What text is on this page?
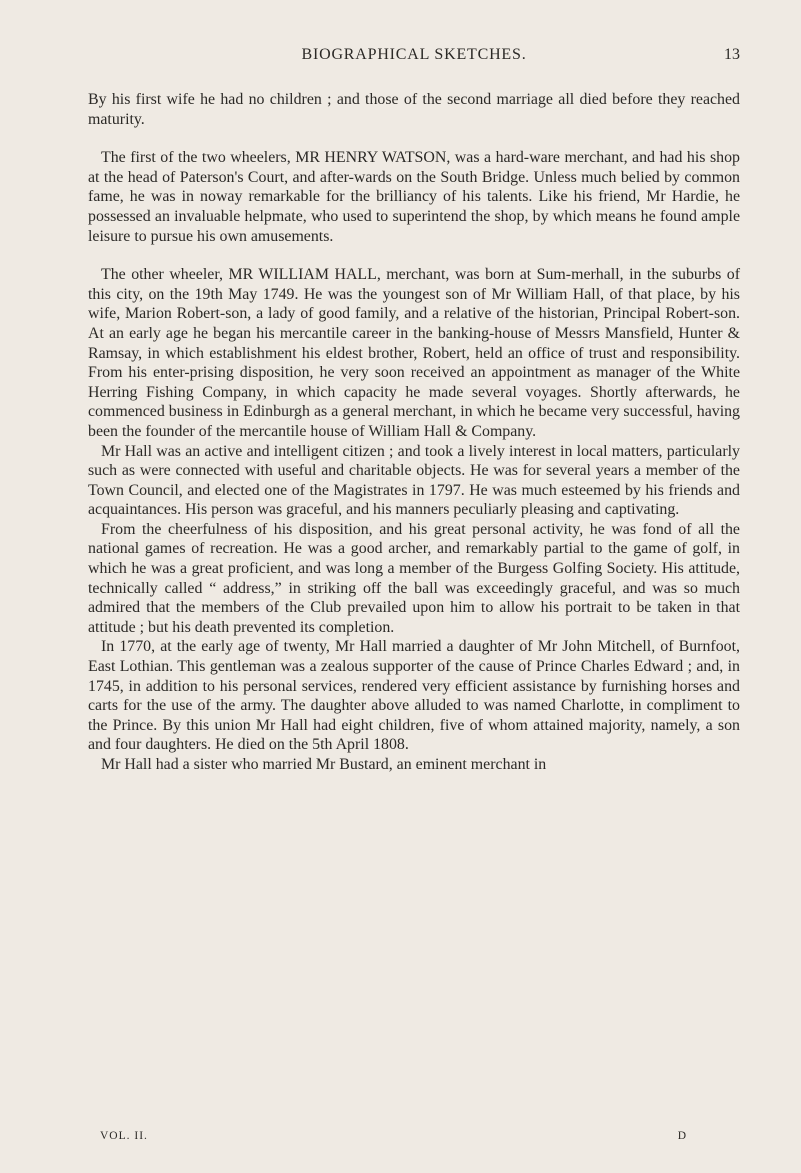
BIOGRAPHICAL SKETCHES.	13

By his first wife he had no children ; and those of the second marriage all died before they reached maturity.

The first of the two wheelers, MR HENRY WATSON, was a hard-ware merchant, and had his shop at the head of Paterson's Court, and after-wards on the South Bridge. Unless much belied by common fame, he was in noway remarkable for the brilliancy of his talents. Like his friend, Mr Hardie, he possessed an invaluable helpmate, who used to superintend the shop, by which means he found ample leisure to pursue his own amusements.

The other wheeler, MR WILLIAM HALL, merchant, was born at Sum-merhall, in the suburbs of this city, on the 19th May 1749. He was the youngest son of Mr William Hall, of that place, by his wife, Marion Robert-son, a lady of good family, and a relative of the historian, Principal Robert-son. At an early age he began his mercantile career in the banking-house of Messrs Mansfield, Hunter & Ramsay, in which establishment his eldest brother, Robert, held an office of trust and responsibility. From his enter-prising disposition, he very soon received an appointment as manager of the White Herring Fishing Company, in which capacity he made several voyages. Shortly afterwards, he commenced business in Edinburgh as a general merchant, in which he became very successful, having been the founder of the mercantile house of William Hall & Company.

Mr Hall was an active and intelligent citizen ; and took a lively interest in local matters, particularly such as were connected with useful and charitable objects. He was for several years a member of the Town Council, and elected one of the Magistrates in 1797. He was much esteemed by his friends and acquaintances. His person was graceful, and his manners peculiarly pleasing and captivating.

From the cheerfulness of his disposition, and his great personal activity, he was fond of all the national games of recreation. He was a good archer, and remarkably partial to the game of golf, in which he was a great proficient, and was long a member of the Burgess Golfing Society. His attitude, technically called “ address,” in striking off the ball was exceedingly graceful, and was so much admired that the members of the Club prevailed upon him to allow his portrait to be taken in that attitude ; but his death prevented its completion.

In 1770, at the early age of twenty, Mr Hall married a daughter of Mr John Mitchell, of Burnfoot, East Lothian. This gentleman was a zealous supporter of the cause of Prince Charles Edward ; and, in 1745, in addition to his personal services, rendered very efficient assistance by furnishing horses and carts for the use of the army. The daughter above alluded to was named Charlotte, in compliment to the Prince. By this union Mr Hall had eight children, five of whom attained majority, namely, a son and four daughters. He died on the 5th April 1808.

Mr Hall had a sister who married Mr Bustard, an eminent merchant in

VOL. II.	D
